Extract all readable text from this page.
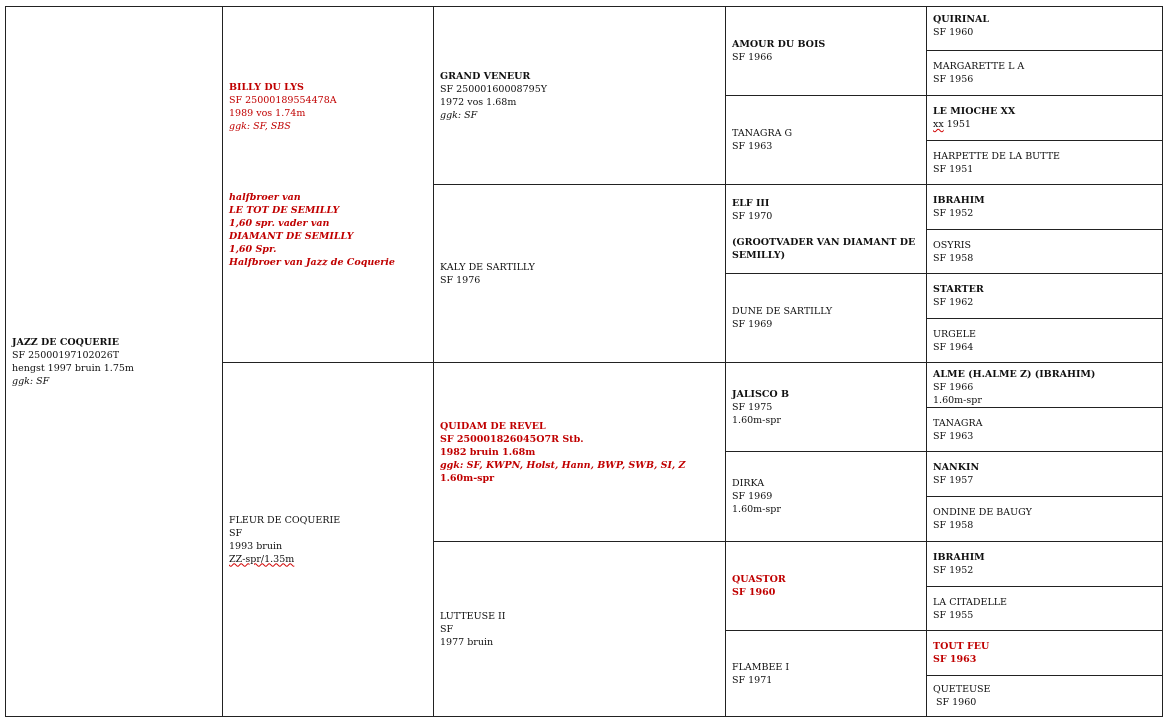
JAZZ DE COQUERIE
SF 25000197102026T
hengst 1997 bruin 1.75m
ggk: SF
BILLY DU LYS
SF 25000189554478A
1989 vos 1.74m
ggk: SF, SBS
halfbroer van
LE TOT DE SEMILLY
1,60 spr. vader van
DIAMANT DE SEMILLY
1,60 Spr.
Halfbroer van Jazz de Coquerie
FLEUR DE COQUERIE
SF
1993 bruin
ZZ-spr/1.35m
GRAND VENEUR
SF 25000160008795Y
1972 vos 1.68m
ggk: SF
KALY DE SARTILLY
SF 1976
QUIDAM DE REVEL
SF 250001826045O7R Stb.
1982 bruin 1.68m
ggk: SF, KWPN, Holst, Hann, BWP, SWB, SI, Z
1.60m-spr
LUTTEUSE II
SF
1977 bruin
AMOUR DU BOIS
SF 1966
TANAGRA G
SF 1963
ELF III
SF 1970
(GROOTVADER VAN DIAMANT DE SEMILLY)
DUNE DE SARTILLY
SF 1969
JALISCO B
SF 1975
1.60m-spr
DIRKA
SF 1969
1.60m-spr
QUASTOR
SF 1960
FLAMBEE I
SF 1971
QUIRINAL
SF 1960
MARGARETTE L A
SF 1956
LE MIOCHE XX
xx 1951
HARPETTE DE LA BUTTE
SF 1951
IBRAHIM
SF 1952
OSYRIS
SF 1958
STARTER
SF 1962
URGELE
SF 1964
ALME (H.ALME Z) (IBRAHIM)
SF 1966
1.60m-spr
TANAGRA
SF 1963
NANKIN
SF 1957
ONDINE DE BAUGY
SF 1958
IBRAHIM
SF 1952
LA CITADELLE
SF 1955
TOUT FEU
SF 1963
QUETEUSE
SF 1960
